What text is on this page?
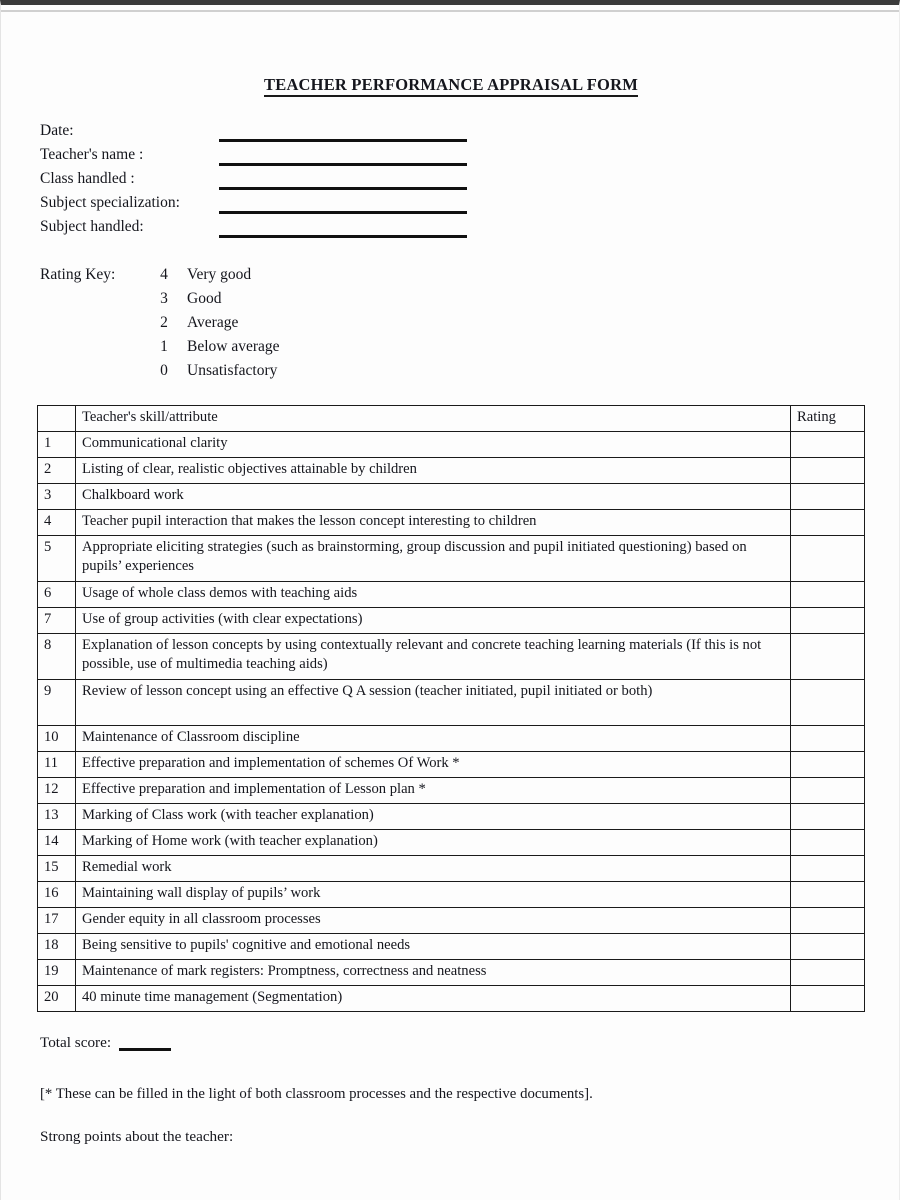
TEACHER PERFORMANCE APPRAISAL FORM
Date:
Teacher's name :
Class handled :
Subject specialization:
Subject handled:
Rating Key:	4 Very good
3 Good
2 Average
1 Below average
0 Unsatisfactory
	Teacher's skill/attribute	Rating
1	Communicational clarity	
2	Listing of clear, realistic objectives attainable by children	
3	Chalkboard work	
4	Teacher pupil interaction that makes the lesson concept interesting to children	
5	Appropriate eliciting strategies (such as brainstorming, group discussion and pupil initiated questioning) based on pupils’ experiences	
6	Usage of whole class demos with teaching aids	
7	Use of group activities (with clear expectations)	
8	Explanation of lesson concepts by using contextually relevant and concrete teaching learning materials (If this is not possible, use of multimedia teaching aids)	
9	Review of lesson concept using an effective Q A session (teacher initiated, pupil initiated or both)	
10	Maintenance of Classroom discipline	
11	Effective preparation and implementation of schemes Of Work *	
12	Effective preparation and implementation of Lesson plan *	
13	Marking of Class work (with teacher explanation)	
14	Marking of Home work (with teacher explanation)	
15	Remedial work	
16	Maintaining wall display of pupils’ work	
17	Gender equity in all classroom processes	
18	Being sensitive to pupils' cognitive and emotional needs	
19	Maintenance of mark registers: Promptness, correctness and neatness	
20	40 minute time management (Segmentation)	
Total score:
[* These can be filled in the light of both classroom processes and the respective documents].
Strong points about the teacher:
